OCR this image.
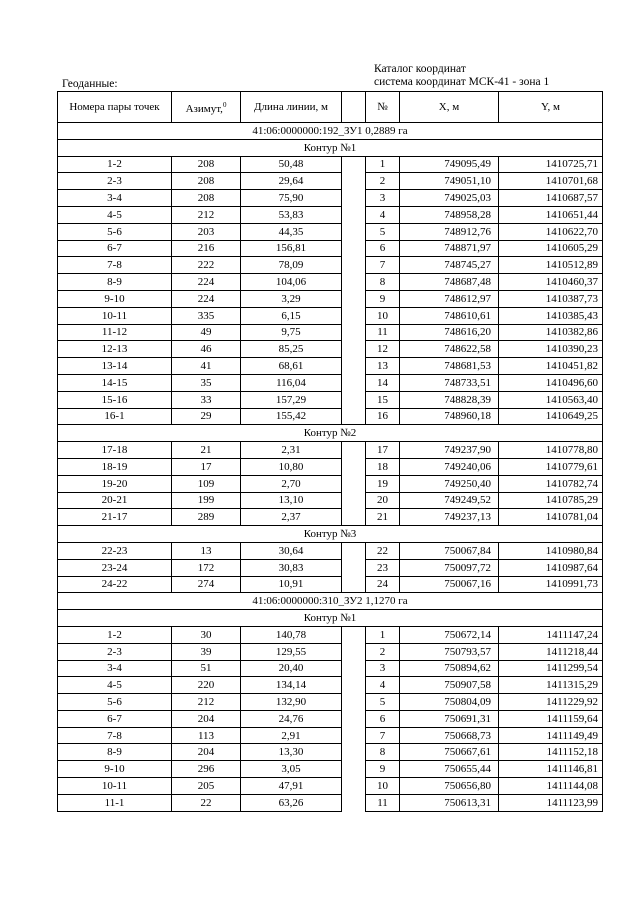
Геоданные:
Каталог координат
система координат МСК-41 - зона 1
Номера пары точек	Азимут,$^0$	Длина линии, м		№	X, м	Y, м
41:06:0000000:192_ЗУ1 0,2889 га						
Контур №1						
1-2	208	50,48		1	749095,49	1410725,71
2-3	208	29,64		2	749051,10	1410701,68
3-4	208	75,90		3	749025,03	1410687,57
4-5	212	53,83		4	748958,28	1410651,44
5-6	203	44,35		5	748912,76	1410622,70
6-7	216	156,81		6	748871,97	1410605,29
7-8	222	78,09		7	748745,27	1410512,89
8-9	224	104,06		8	748687,48	1410460,37
9-10	224	3,29		9	748612,97	1410387,73
10-11	335	6,15		10	748610,61	1410385,43
11-12	49	9,75		11	748616,20	1410382,86
12-13	46	85,25		12	748622,58	1410390,23
13-14	41	68,61		13	748681,53	1410451,82
14-15	35	116,04		14	748733,51	1410496,60
15-16	33	157,29		15	748828,39	1410563,40
16-1	29	155,42		16	748960,18	1410649,25
Контур №2						
17-18	21	2,31		17	749237,90	1410778,80
18-19	17	10,80		18	749240,06	1410779,61
19-20	109	2,70		19	749250,40	1410782,74
20-21	199	13,10		20	749249,52	1410785,29
21-17	289	2,37		21	749237,13	1410781,04
Контур №3						
22-23	13	30,64		22	750067,84	1410980,84
23-24	172	30,83		23	750097,72	1410987,64
24-22	274	10,91		24	750067,16	1410991,73
41:06:0000000:310_ЗУ2 1,1270 га						
Контур №1						
1-2	30	140,78		1	750672,14	1411147,24
2-3	39	129,55		2	750793,57	1411218,44
3-4	51	20,40		3	750894,62	1411299,54
4-5	220	134,14		4	750907,58	1411315,29
5-6	212	132,90		5	750804,09	1411229,92
6-7	204	24,76		6	750691,31	1411159,64
7-8	113	2,91		7	750668,73	1411149,49
8-9	204	13,30		8	750667,61	1411152,18
9-10	296	3,05		9	750655,44	1411146,81
10-11	205	47,91		10	750656,80	1411144,08
11-1	22	63,26		11	750613,31	1411123,99
